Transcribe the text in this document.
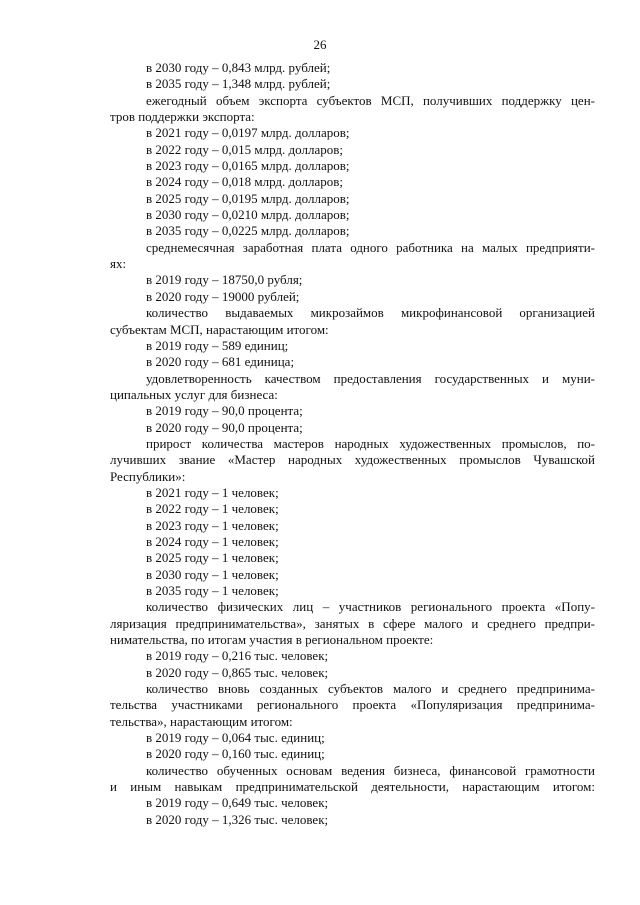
26
в 2030 году – 0,843 млрд. рублей;
в 2035 году – 1,348 млрд. рублей;
ежегодный объем экспорта субъектов МСП, получивших поддержку цен-
тров поддержки экспорта:
в 2021 году – 0,0197 млрд. долларов;
в 2022 году – 0,015 млрд. долларов;
в 2023 году – 0,0165 млрд. долларов;
в 2024 году – 0,018 млрд. долларов;
в 2025 году – 0,0195 млрд. долларов;
в 2030 году – 0,0210 млрд. долларов;
в 2035 году – 0,0225 млрд. долларов;
среднемесячная заработная плата одного работника на малых предприяти-
ях:
в 2019 году – 18750,0 рубля;
в 2020 году – 19000 рублей;
количество выдаваемых микрозаймов микрофинансовой организацией
субъектам МСП, нарастающим итогом:
в 2019 году – 589 единиц;
в 2020 году – 681 единица;
удовлетворенность качеством предоставления государственных и муни-
ципальных услуг для бизнеса:
в 2019 году – 90,0 процента;
в 2020 году – 90,0 процента;
прирост количества мастеров народных художественных промыслов, по-
лучивших звание «Мастер народных художественных промыслов Чувашской
Республики»:
в 2021 году – 1 человек;
в 2022 году – 1 человек;
в 2023 году – 1 человек;
в 2024 году – 1 человек;
в 2025 году – 1 человек;
в 2030 году – 1 человек;
в 2035 году – 1 человек;
количество физических лиц – участников регионального проекта «Попу-
ляризация предпринимательства», занятых в сфере малого и среднего предпри-
нимательства, по итогам участия в региональном проекте:
в 2019 году – 0,216 тыс. человек;
в 2020 году – 0,865 тыс. человек;
количество вновь созданных субъектов малого и среднего предпринима-
тельства участниками регионального проекта «Популяризация предпринима-
тельства», нарастающим итогом:
в 2019 году – 0,064 тыс. единиц;
в 2020 году – 0,160 тыс. единиц;
количество обученных основам ведения бизнеса, финансовой грамотности
и иным навыкам предпринимательской деятельности, нарастающим итогом:
в 2019 году – 0,649 тыс. человек;
в 2020 году – 1,326 тыс. человек;
